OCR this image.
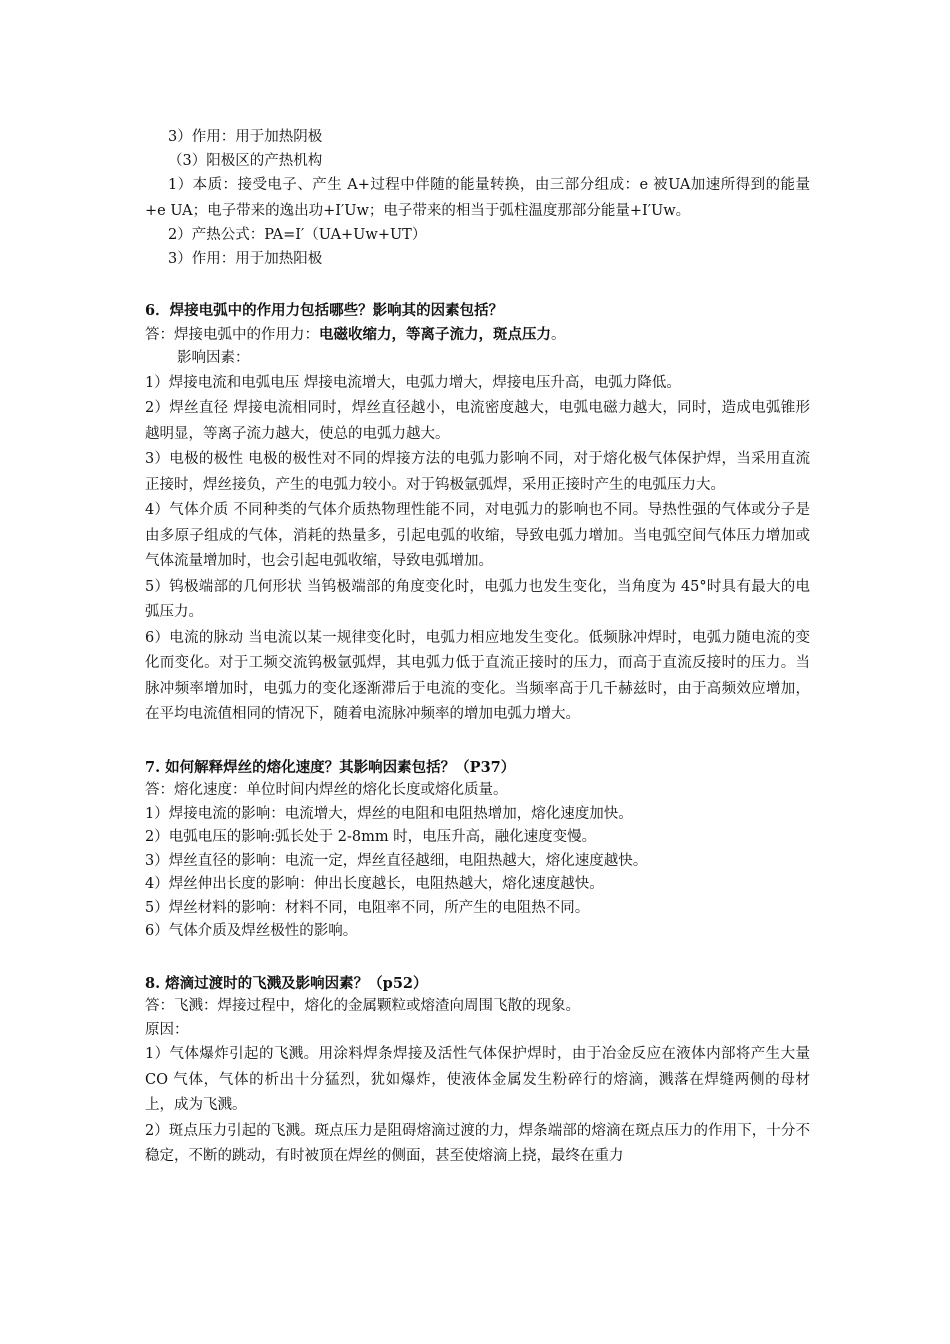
3）作用：用于加热阴极
（3）阳极区的产热机构
1）本质：接受电子、产生 A+过程中伴随的能量转换，由三部分组成：e 被UA加速所得到的能量+e UA；电子带来的逸出功+I′Uw；电子带来的相当于弧柱温度那部分能量+I′Uw。
2）产热公式：PA=I′（UA+Uw+UT）
3）作用：用于加热阳极
6．焊接电弧中的作用力包括哪些？影响其的因素包括？
答：焊接电弧中的作用力：电磁收缩力，等离子流力，斑点压力。
影响因素：
1）焊接电流和电弧电压 焊接电流增大，电弧力增大，焊接电压升高，电弧力降低。
2）焊丝直径 焊接电流相同时，焊丝直径越小，电流密度越大，电弧电磁力越大，同时，造成电弧锥形越明显，等离子流力越大，使总的电弧力越大。
3）电极的极性 电极的极性对不同的焊接方法的电弧力影响不同，对于熔化极气体保护焊，当采用直流正接时，焊丝接负，产生的电弧力较小。对于钨极氩弧焊，采用正接时产生的电弧压力大。
4）气体介质 不同种类的气体介质热物理性能不同，对电弧力的影响也不同。导热性强的气体或分子是由多原子组成的气体，消耗的热量多，引起电弧的收缩，导致电弧力增加。当电弧空间气体压力增加或气体流量增加时，也会引起电弧收缩，导致电弧增加。
5）钨极端部的几何形状 当钨极端部的角度变化时，电弧力也发生变化，当角度为 45°时具有最大的电弧压力。
6）电流的脉动 当电流以某一规律变化时，电弧力相应地发生变化。低频脉冲焊时，电弧力随电流的变化而变化。对于工频交流钨极氩弧焊，其电弧力低于直流正接时的压力，而高于直流反接时的压力。当脉冲频率增加时，电弧力的变化逐渐滞后于电流的变化。当频率高于几千赫兹时，由于高频效应增加，在平均电流值相同的情况下，随着电流脉冲频率的增加电弧力增大。
7. 如何解释焊丝的熔化速度？其影响因素包括？（P37）
答：熔化速度：单位时间内焊丝的熔化长度或熔化质量。
1）焊接电流的影响：电流增大，焊丝的电阻和电阻热增加，熔化速度加快。
2）电弧电压的影响:弧长处于 2-8mm 时，电压升高，融化速度变慢。
3）焊丝直径的影响：电流一定，焊丝直径越细，电阻热越大，熔化速度越快。
4）焊丝伸出长度的影响：伸出长度越长，电阻热越大，熔化速度越快。
5）焊丝材料的影响：材料不同，电阻率不同，所产生的电阻热不同。
6）气体介质及焊丝极性的影响。
8. 熔滴过渡时的飞溅及影响因素？（p52）
答：飞溅：焊接过程中，熔化的金属颗粒或熔渣向周围飞散的现象。
原因：
1）气体爆炸引起的飞溅。用涂料焊条焊接及活性气体保护焊时，由于冶金反应在液体内部将产生大量 CO 气体，气体的析出十分猛烈，犹如爆炸，使液体金属发生粉碎行的熔滴，溅落在焊缝两侧的母材上，成为飞溅。
2）斑点压力引起的飞溅。斑点压力是阻碍熔滴过渡的力，焊条端部的熔滴在斑点压力的作用下，十分不稳定，不断的跳动，有时被顶在焊丝的侧面，甚至使熔滴上挠，最终在重力
